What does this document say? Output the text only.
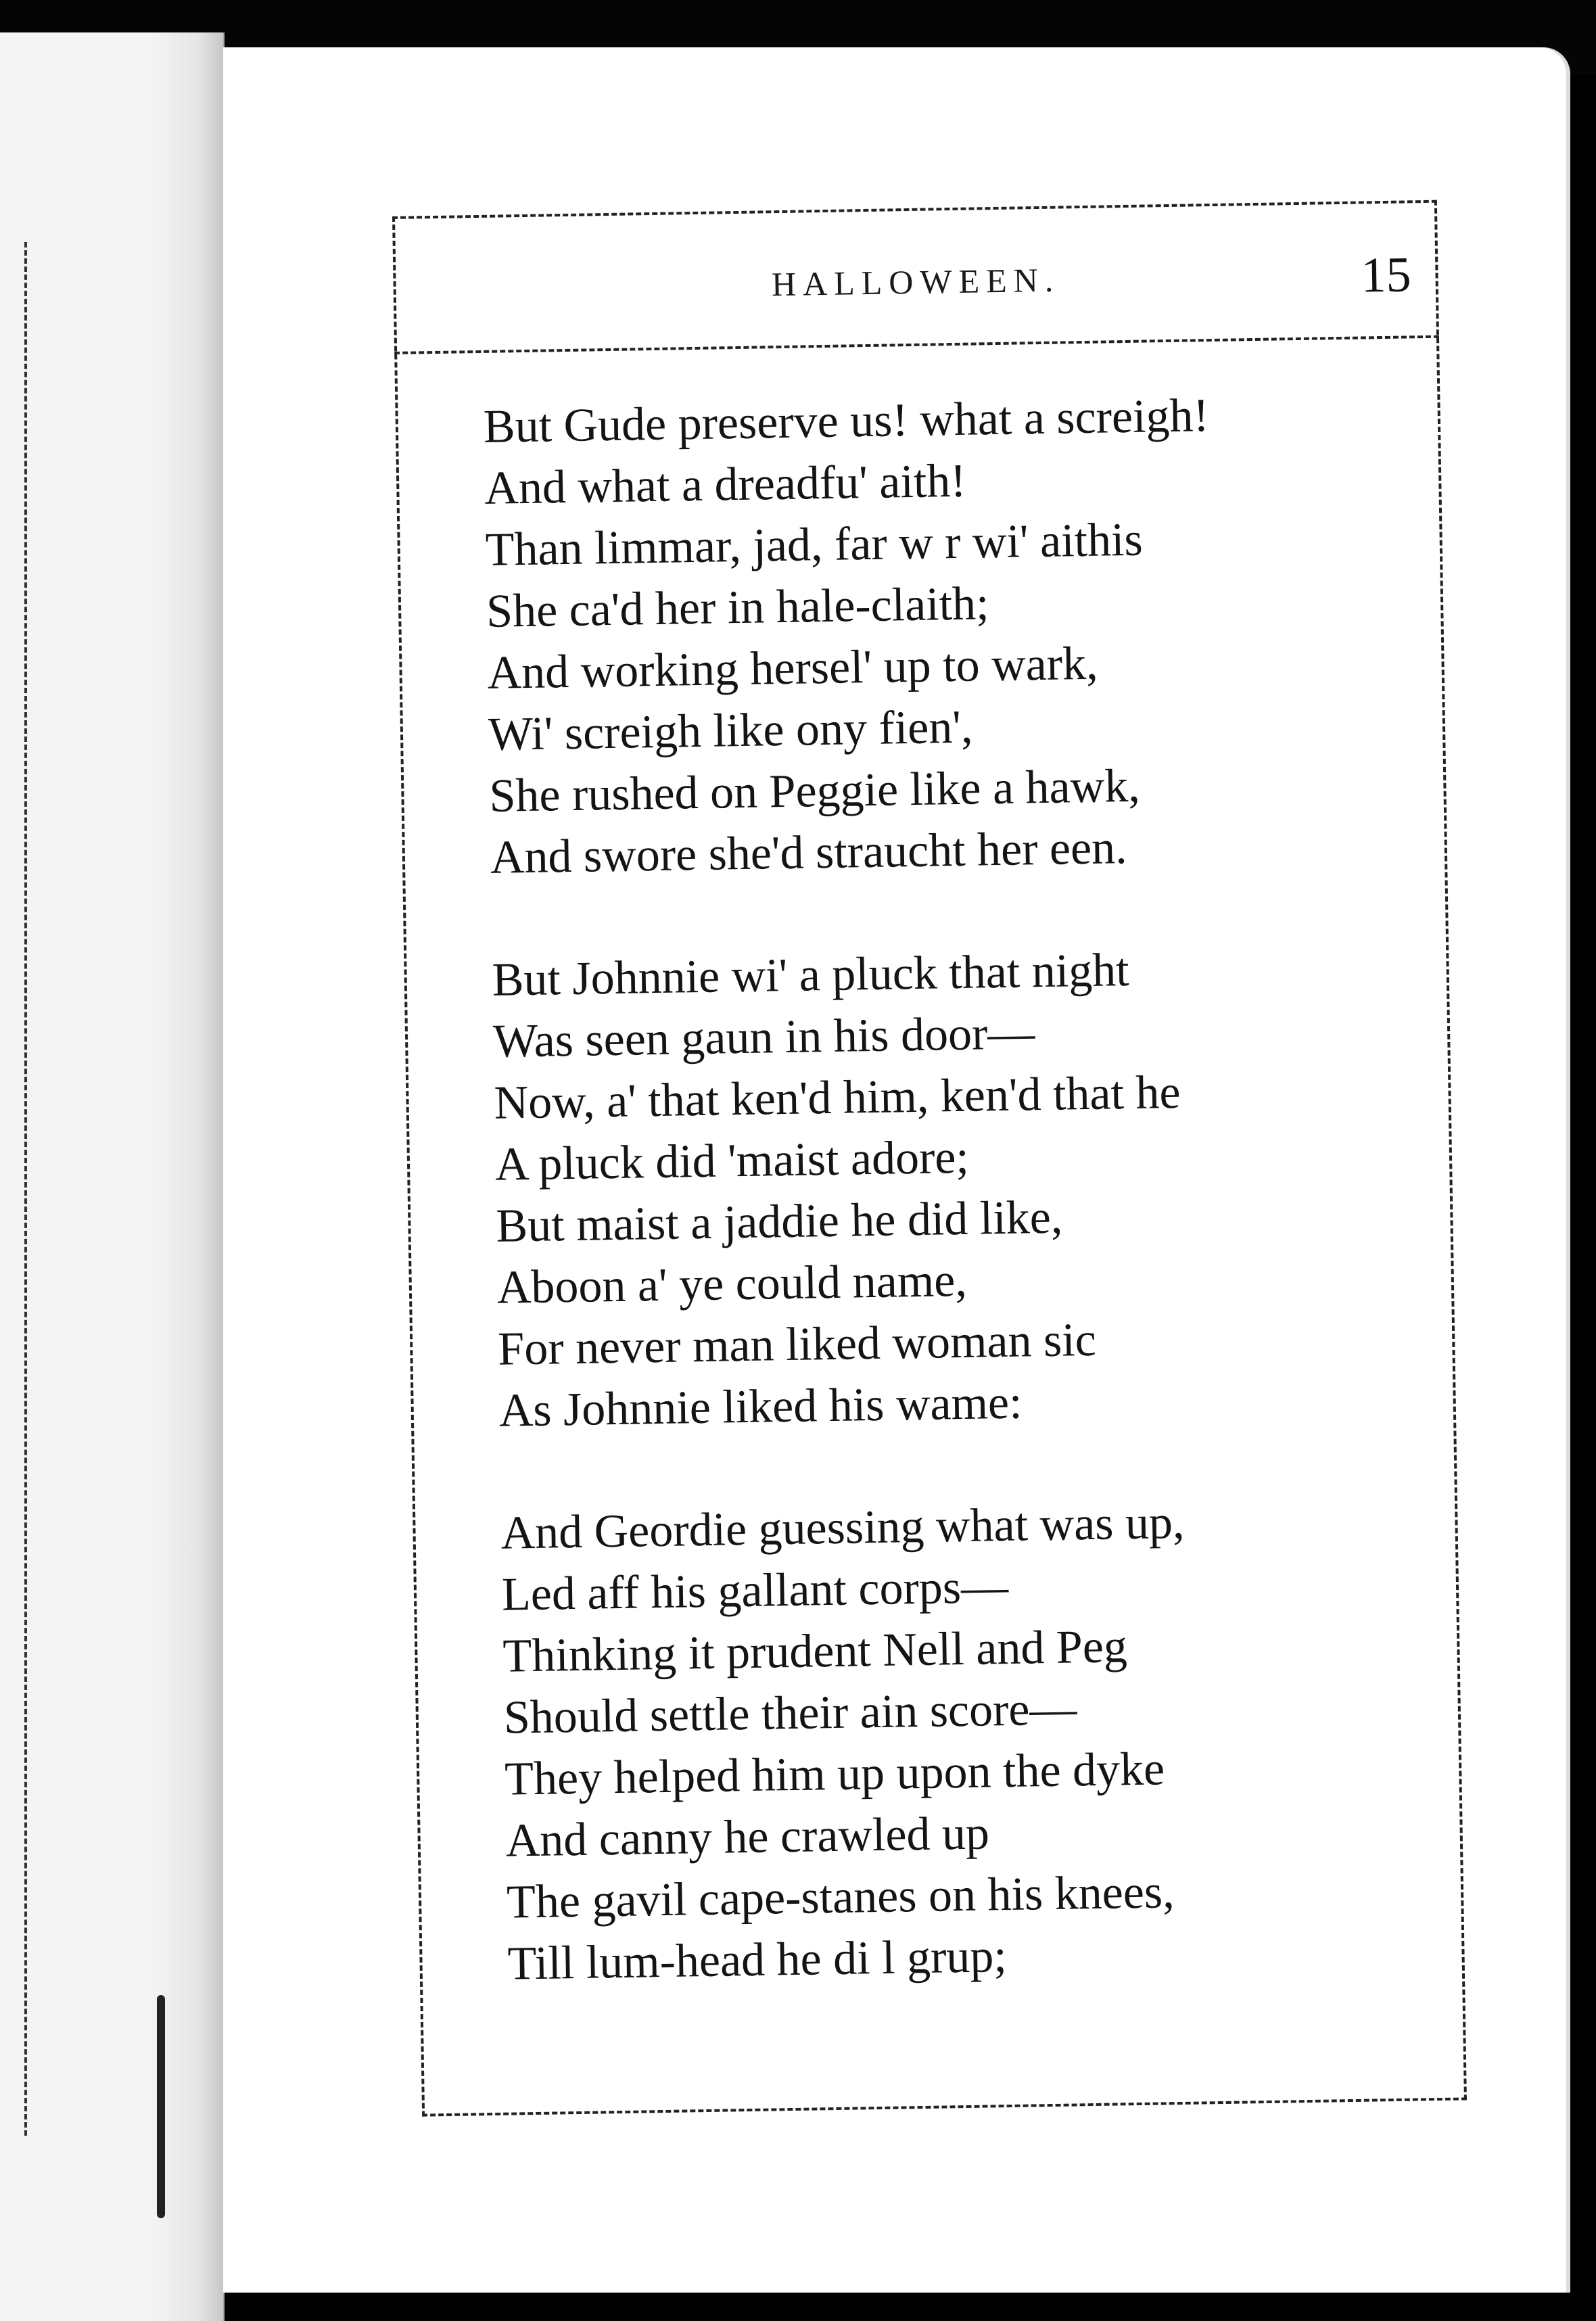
HALLOWEEN.	15
But Gude preserve us! what a screigh!
And what a dreadfu' aith!
Than limmar, jad, far w r wi' aithis
She ca'd her in hale-claith;
And working hersel' up to wark,
Wi' screigh like ony fien',
She rushed on Peggie like a hawk,
And swore she'd straucht her een.
But Johnnie wi' a pluck that night
Was seen gaun in his door—
Now, a' that ken'd him, ken'd that he
A pluck did 'maist adore;
But maist a jaddie he did like,
Aboon a' ye could name,
For never man liked woman sic
As Johnnie liked his wame:
And Geordie guessing what was up,
Led aff his gallant corps—
Thinking it prudent Nell and Peg
Should settle their ain score—
They helped him up upon the dyke
And canny he crawled up
The gavil cape-stanes on his knees,
Till lum-head he di l grup;
